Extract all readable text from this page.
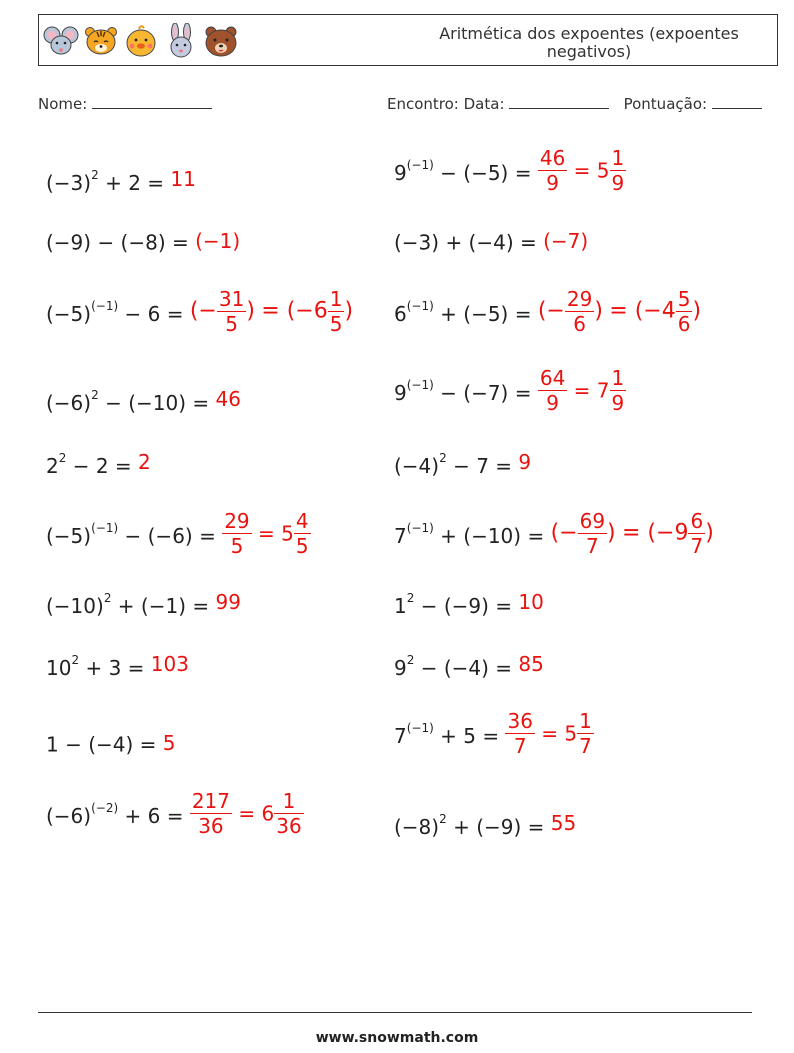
Aritmética dos expoentes (expoentes negativos)
Nome:	Encontro: Data:	Pontuação:
$(-3)^2 + 2 = 11$
(−9) − (−8) = (−1)
$(-5)^{(-1)} - 6$ = (− $\frac{31}{5}$ ) = ($-6 \frac{1}{5}$ )
$(-6)^2 - (-10) = 46$
$2^2 - 2 = 2$
$(-5)^{(-1)} - (-6) = \frac{29}{5} = 5 \frac{4}{5}$
$(-10)^2 + (-1) = 99$
$10^2 + 3 = 103$
1 − (−4) = 5
$(-6)^{(-2)} + 6 = \frac{217}{36} = 6 \frac{1}{36}$
$9^{(-1)} - (-5) = \frac{46}{9} = 5 \frac{1}{9}$
(−3) + (−4) = (−7)
$6^{(-1)} + (-5)$ = (− $\frac{29}{6}$ ) = ($-4 \frac{5}{6}$ )
$9^{(-1)} - (-7) = \frac{64}{9} = 7 \frac{1}{9}$
$(-4)^2 - 7 = 9$
$7^{(-1)} + (-10)$ = (− $\frac{69}{7}$ ) = ($-9 \frac{6}{7}$ )
$1^2 - (-9) = 10$
$9^2 - (-4) = 85$
$7^{(-1)} + 5 = \frac{36}{7} = 5 \frac{1}{7}$
$(-8)^2 + (-9) = 55$
www.snowmath.com
